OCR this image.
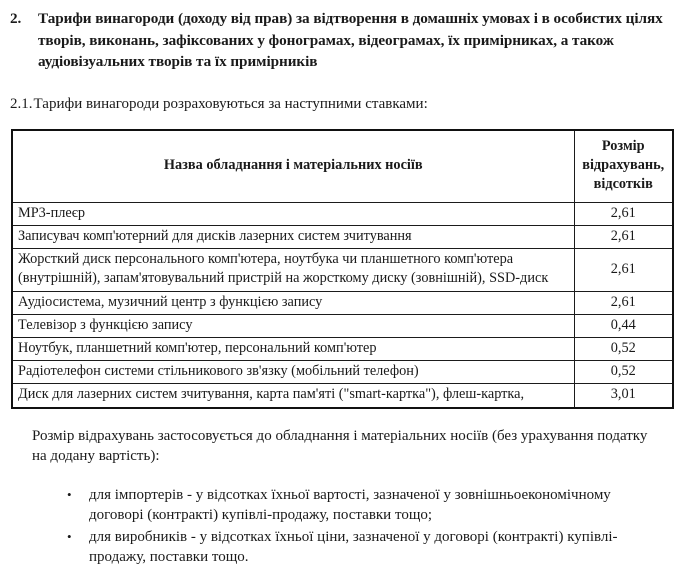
2.	Тарифи винагороди (доходу від прав) за відтворення в домашніх умовах і в особистих цілях творів, виконань, зафіксованих у фонограмах, відеограмах, їх примірниках, а також аудіовізуальних творів та їх примірників
2.1. Тарифи винагороди розраховуються за наступними ставками:
Назва обладнання і матеріальних носіїв	Розмір
відрахувань,
відсотків

MP3-плеєр	2,61
Записувач комп'ютерний для дисків лазерних систем зчитування	2,61
Жорсткий диск персонального комп'ютера, ноутбука чи планшетного комп'ютера (внутрішній), запам'ятовувальний пристрій на жорсткому диску (зовнішній), SSD-диск	2,61
Аудіосистема, музичний центр з функцією запису	2,61
Телевізор з функцією запису	0,44
Ноутбук, планшетний комп'ютер, персональний комп'ютер	0,52
Радіотелефон системи стільникового зв'язку (мобільний телефон)	0,52
Диск для лазерних систем зчитування, карта пам'яті ("smart-картка"), флеш-картка,	3,01

Розмір відрахувань застосовується до обладнання і матеріальних носіїв (без урахування податку на додану вартість):

• для імпортерів - у відсотках їхньої вартості, зазначеної у зовнішньоекономічному договорі (контракті) купівлі-продажу, поставки тощо;
• для виробників - у відсотках їхньої ціни, зазначеної у договорі (контракті) купівлі-продажу, поставки тощо.
